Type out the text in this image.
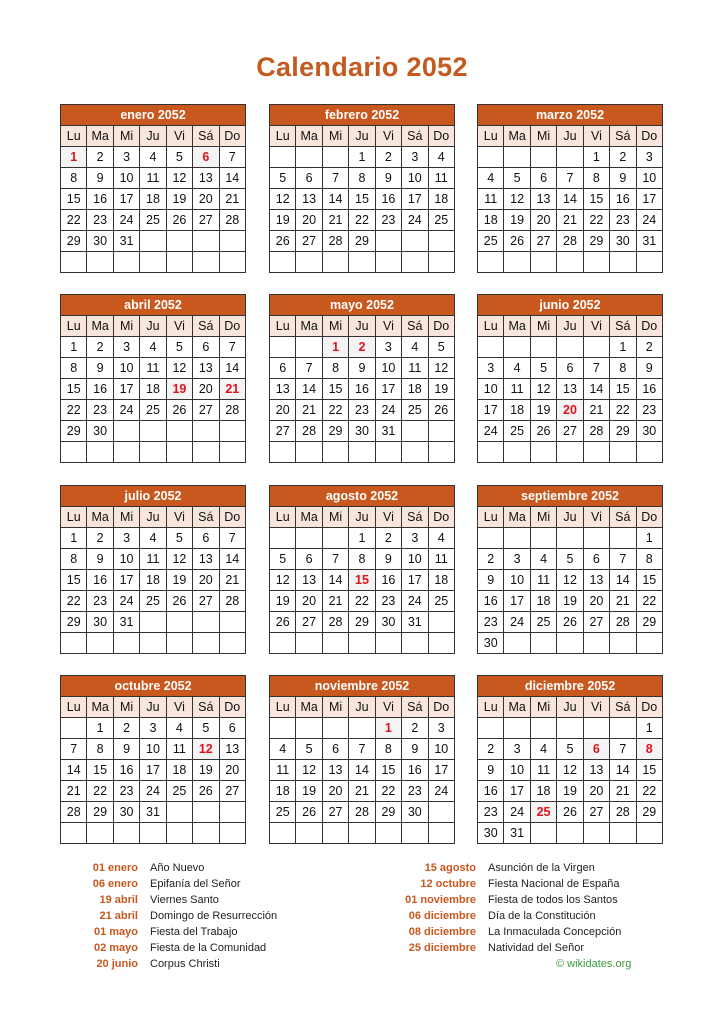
Calendario 2052
enero 2052						
Lu	Ma	Mi	Ju	Vi	Sá	Do
1	2	3	4	5	6	7
8	9	10	11	12	13	14
15	16	17	18	19	20	21
22	23	24	25	26	27	28
29	30	31				

febrero 2052						
Lu	Ma	Mi	Ju	Vi	Sá	Do
			1	2	3	4
5	6	7	8	9	10	11
12	13	14	15	16	17	18
19	20	21	22	23	24	25
26	27	28	29			

marzo 2052						
Lu	Ma	Mi	Ju	Vi	Sá	Do
				1	2	3
4	5	6	7	8	9	10
11	12	13	14	15	16	17
18	19	20	21	22	23	24
25	26	27	28	29	30	31

abril 2052						
Lu	Ma	Mi	Ju	Vi	Sá	Do
1	2	3	4	5	6	7
8	9	10	11	12	13	14
15	16	17	18	19	20	21
22	23	24	25	26	27	28
29	30					

mayo 2052						
Lu	Ma	Mi	Ju	Vi	Sá	Do
		1	2	3	4	5
6	7	8	9	10	11	12
13	14	15	16	17	18	19
20	21	22	23	24	25	26
27	28	29	30	31		

junio 2052						
Lu	Ma	Mi	Ju	Vi	Sá	Do
					1	2
3	4	5	6	7	8	9
10	11	12	13	14	15	16
17	18	19	20	21	22	23
24	25	26	27	28	29	30

julio 2052						
Lu	Ma	Mi	Ju	Vi	Sá	Do
1	2	3	4	5	6	7
8	9	10	11	12	13	14
15	16	17	18	19	20	21
22	23	24	25	26	27	28
29	30	31				

agosto 2052						
Lu	Ma	Mi	Ju	Vi	Sá	Do
			1	2	3	4
5	6	7	8	9	10	11
12	13	14	15	16	17	18
19	20	21	22	23	24	25
26	27	28	29	30	31	

septiembre 2052						
Lu	Ma	Mi	Ju	Vi	Sá	Do
						1
2	3	4	5	6	7	8
9	10	11	12	13	14	15
16	17	18	19	20	21	22
23	24	25	26	27	28	29
30						
octubre 2052						
Lu	Ma	Mi	Ju	Vi	Sá	Do
	1	2	3	4	5	6
7	8	9	10	11	12	13
14	15	16	17	18	19	20
21	22	23	24	25	26	27
28	29	30	31			

noviembre 2052						
Lu	Ma	Mi	Ju	Vi	Sá	Do
				1	2	3
4	5	6	7	8	9	10
11	12	13	14	15	16	17
18	19	20	21	22	23	24
25	26	27	28	29	30	

diciembre 2052						
Lu	Ma	Mi	Ju	Vi	Sá	Do
						1
2	3	4	5	6	7	8
9	10	11	12	13	14	15
16	17	18	19	20	21	22
23	24	25	26	27	28	29
30	31					
01 enero Año Nuevo
06 enero Epifanía del Señor
19 abril Viernes Santo
21 abril Domingo de Resurrección
01 mayo Fiesta del Trabajo
02 mayo Fiesta de la Comunidad
20 junio Corpus Christi
15 agosto Asunción de la Virgen
12 octubre Fiesta Nacional de España
01 noviembre Fiesta de todos los Santos
06 diciembre Día de la Constitución
08 diciembre La Inmaculada Concepción
25 diciembre Natividad del Señor
© wikidates.org
